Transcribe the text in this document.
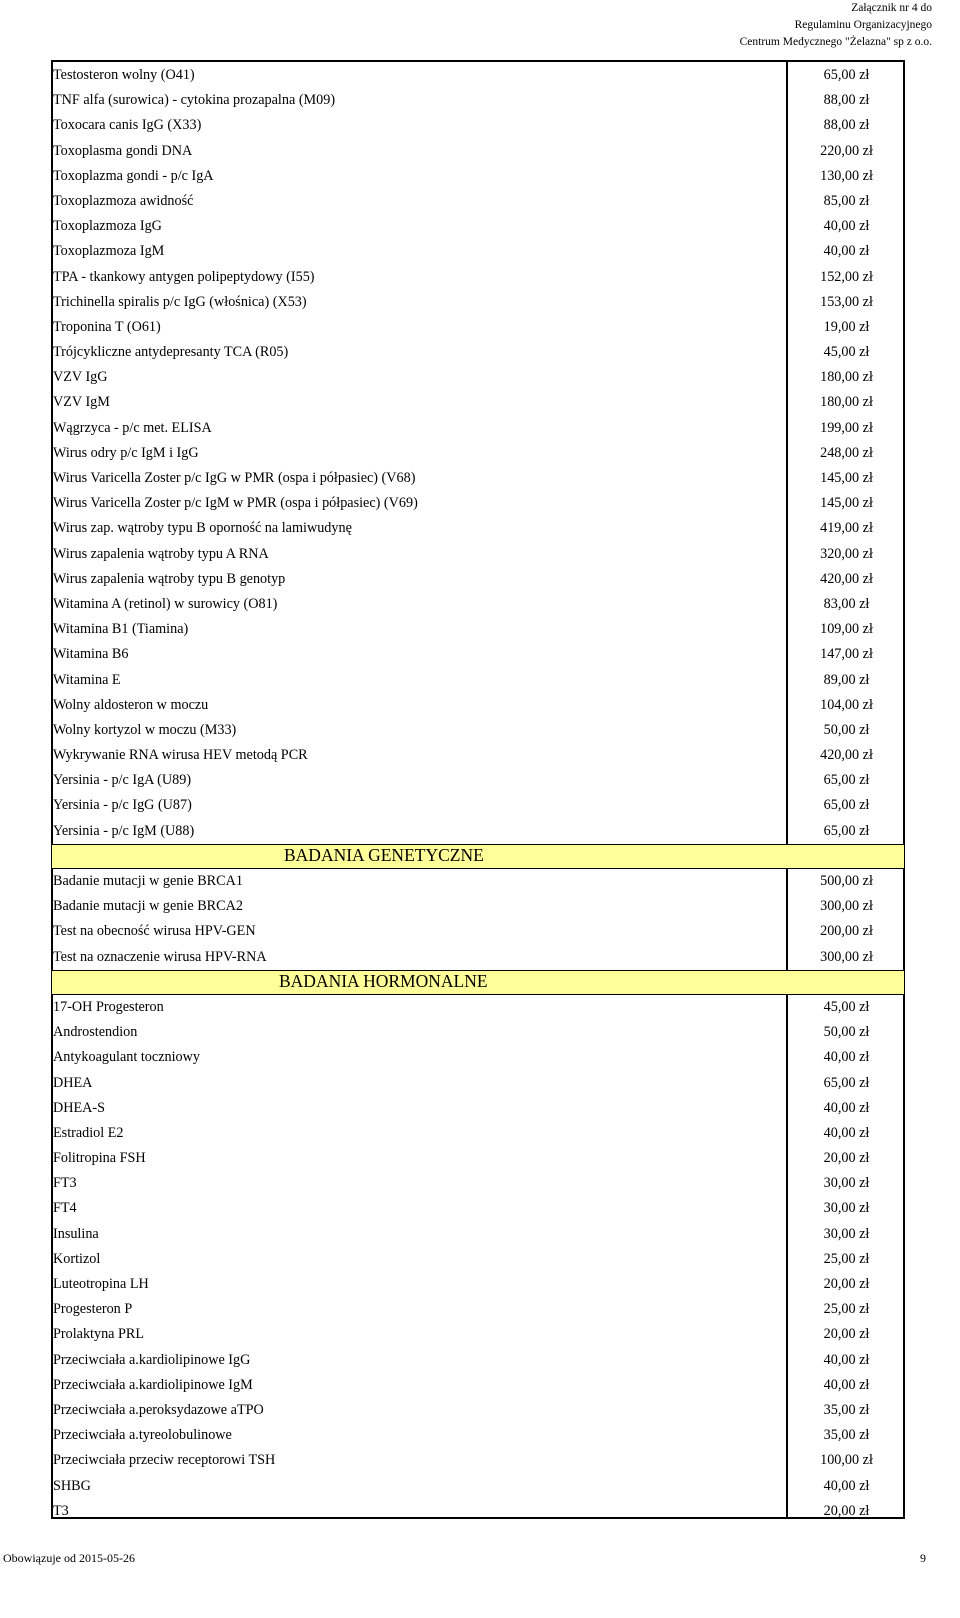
Załącznik nr 4 do
Regulaminu Organizacyjnego
Centrum Medycznego "Żelazna" sp z o.o.
Testosteron wolny (O41)	65,00 zł
TNF alfa (surowica) - cytokina prozapalna (M09)	88,00 zł
Toxocara canis IgG (X33)	88,00 zł
Toxoplasma gondi DNA	220,00 zł
Toxoplazma gondi - p/c IgA	130,00 zł
Toxoplazmoza awidność	85,00 zł
Toxoplazmoza IgG	40,00 zł
Toxoplazmoza IgM	40,00 zł
TPA - tkankowy antygen polipeptydowy (I55)	152,00 zł
Trichinella spiralis p/c IgG (włośnica) (X53)	153,00 zł
Troponina T (O61)	19,00 zł
Trójcykliczne antydepresanty TCA (R05)	45,00 zł
VZV IgG	180,00 zł
VZV IgM	180,00 zł
Wągrzyca - p/c met. ELISA	199,00 zł
Wirus odry p/c IgM i IgG	248,00 zł
Wirus Varicella Zoster p/c IgG w PMR (ospa i półpasiec) (V68)	145,00 zł
Wirus Varicella Zoster p/c IgM w PMR (ospa i półpasiec) (V69)	145,00 zł
Wirus zap. wątroby typu B oporność na lamiwudynę	419,00 zł
Wirus zapalenia wątroby typu A RNA	320,00 zł
Wirus zapalenia wątroby typu B genotyp	420,00 zł
Witamina A (retinol) w surowicy (O81)	83,00 zł
Witamina B1 (Tiamina)	109,00 zł
Witamina B6	147,00 zł
Witamina E	89,00 zł
Wolny aldosteron w moczu	104,00 zł
Wolny kortyzol w moczu (M33)	50,00 zł
Wykrywanie RNA wirusa HEV metodą PCR	420,00 zł
Yersinia - p/c IgA (U89)	65,00 zł
Yersinia - p/c IgG (U87)	65,00 zł
Yersinia - p/c IgM (U88)	65,00 zł
BADANIA GENETYCZNE
Badanie mutacji w genie BRCA1	500,00 zł
Badanie mutacji w genie BRCA2	300,00 zł
Test na obecność wirusa HPV-GEN	200,00 zł
Test na oznaczenie wirusa HPV-RNA	300,00 zł
BADANIA HORMONALNE
17-OH Progesteron	45,00 zł
Androstendion	50,00 zł
Antykoagulant toczniowy	40,00 zł
DHEA	65,00 zł
DHEA-S	40,00 zł
Estradiol E2	40,00 zł
Folitropina FSH	20,00 zł
FT3	30,00 zł
FT4	30,00 zł
Insulina	30,00 zł
Kortizol	25,00 zł
Luteotropina LH	20,00 zł
Progesteron P	25,00 zł
Prolaktyna PRL	20,00 zł
Przeciwciała a.kardiolipinowe IgG	40,00 zł
Przeciwciała a.kardiolipinowe IgM	40,00 zł
Przeciwciała a.peroksydazowe aTPO	35,00 zł
Przeciwciała a.tyreolobulinowe	35,00 zł
Przeciwciała przeciw receptorowi TSH	100,00 zł
SHBG	40,00 zł
T3	20,00 zł
Obowiązuje od 2015-05-26	9
